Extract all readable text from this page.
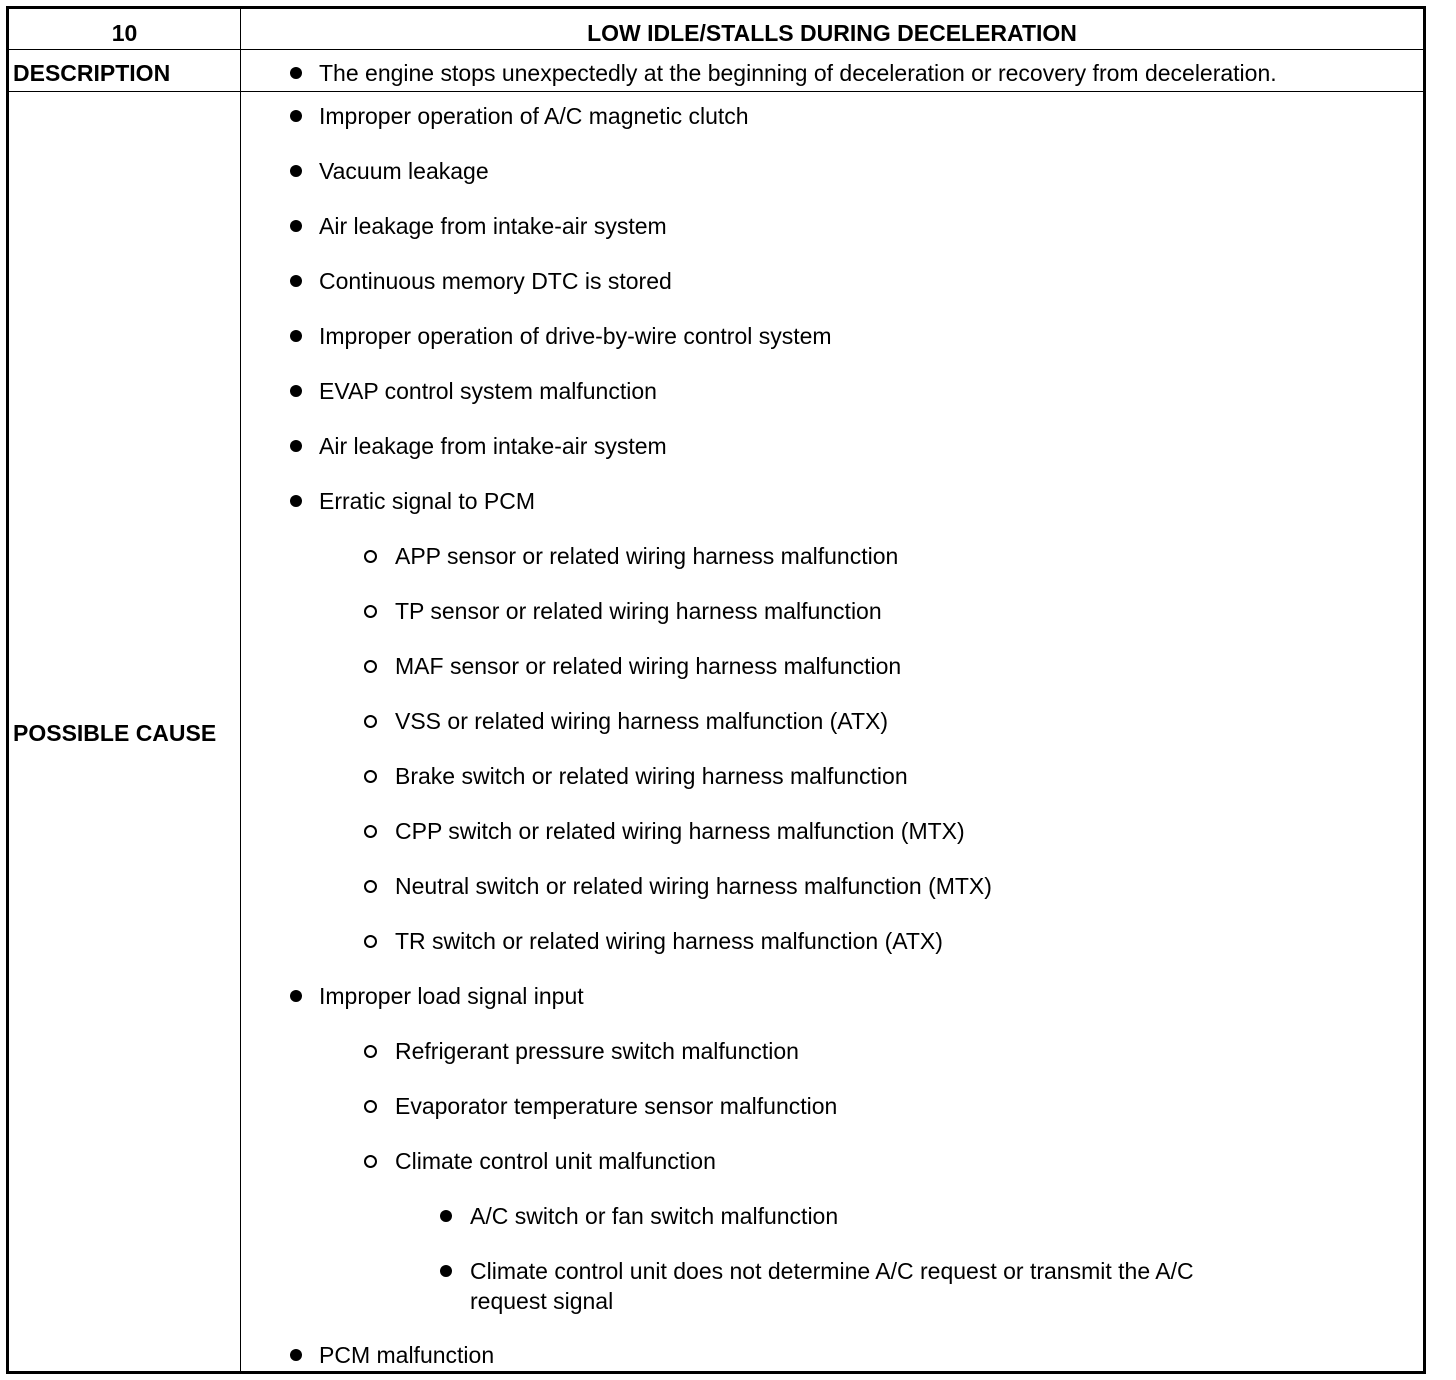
10	LOW IDLE/STALLS DURING DECELERATION
DESCRIPTION	The engine stops unexpectedly at the beginning of deceleration or recovery from deceleration.
POSSIBLE CAUSE
Improper operation of A/C magnetic clutch
Vacuum leakage
Air leakage from intake-air system
Continuous memory DTC is stored
Improper operation of drive-by-wire control system
EVAP control system malfunction
Air leakage from intake-air system
Erratic signal to PCM
APP sensor or related wiring harness malfunction
TP sensor or related wiring harness malfunction
MAF sensor or related wiring harness malfunction
VSS or related wiring harness malfunction (ATX)
Brake switch or related wiring harness malfunction
CPP switch or related wiring harness malfunction (MTX)
Neutral switch or related wiring harness malfunction (MTX)
TR switch or related wiring harness malfunction (ATX)
Improper load signal input
Refrigerant pressure switch malfunction
Evaporator temperature sensor malfunction
Climate control unit malfunction
A/C switch or fan switch malfunction
Climate control unit does not determine A/C request or transmit the A/C request signal
PCM malfunction
